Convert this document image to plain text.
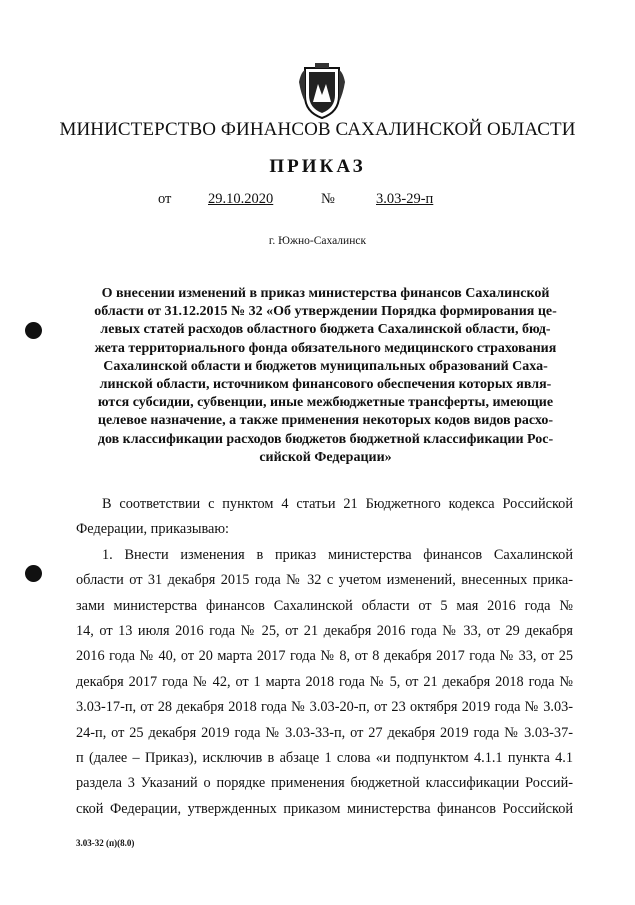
МИНИСТЕРСТВО ФИНАНСОВ САХАЛИНСКОЙ ОБЛАСТИ
ПРИКАЗ
от	29.10.2020	№	3.03-29-п
г. Южно-Сахалинск
О внесении изменений в приказ министерства финансов Сахалинской
области от 31.12.2015 № 32 «Об утверждении Порядка формирования це-
левых статей расходов областного бюджета Сахалинской области, бюд-
жета территориального фонда обязательного медицинского страхования
Сахалинской области и бюджетов муниципальных образований Саха-
линской области, источником финансового обеспечения которых явля-
ются субсидии, субвенции, иные межбюджетные трансферты, имеющие
целевое назначение, а также применения некоторых кодов видов расхо-
дов классификации расходов бюджетов бюджетной классификации Рос-
сийской Федерации»
В соответствии с пунктом 4 статьи 21 Бюджетного кодекса Российской
Федерации, приказываю:
1. Внести изменения в приказ министерства финансов Сахалинской
области от 31 декабря 2015 года № 32 с учетом изменений, внесенных прика-
зами министерства финансов Сахалинской области от 5 мая 2016 года №
14, от 13 июля 2016 года № 25, от 21 декабря 2016 года № 33, от 29 декабря
2016 года № 40, от 20 марта 2017 года № 8, от 8 декабря 2017 года № 33, от 25
декабря 2017 года № 42, от 1 марта 2018 года № 5, от 21 декабря 2018 года №
3.03-17-п, от 28 декабря 2018 года № 3.03-20-п, от 23 октября 2019 года № 3.03-
24-п, от 25 декабря 2019 года № 3.03-33-п, от 27 декабря 2019 года № 3.03-37-
п (далее – Приказ), исключив в абзаце 1 слова «и подпунктом 4.1.1 пункта 4.1
раздела 3 Указаний о порядке применения бюджетной классификации Россий-
ской Федерации, утвержденных приказом министерства финансов Российской
3.03-32 (п)(8.0)
